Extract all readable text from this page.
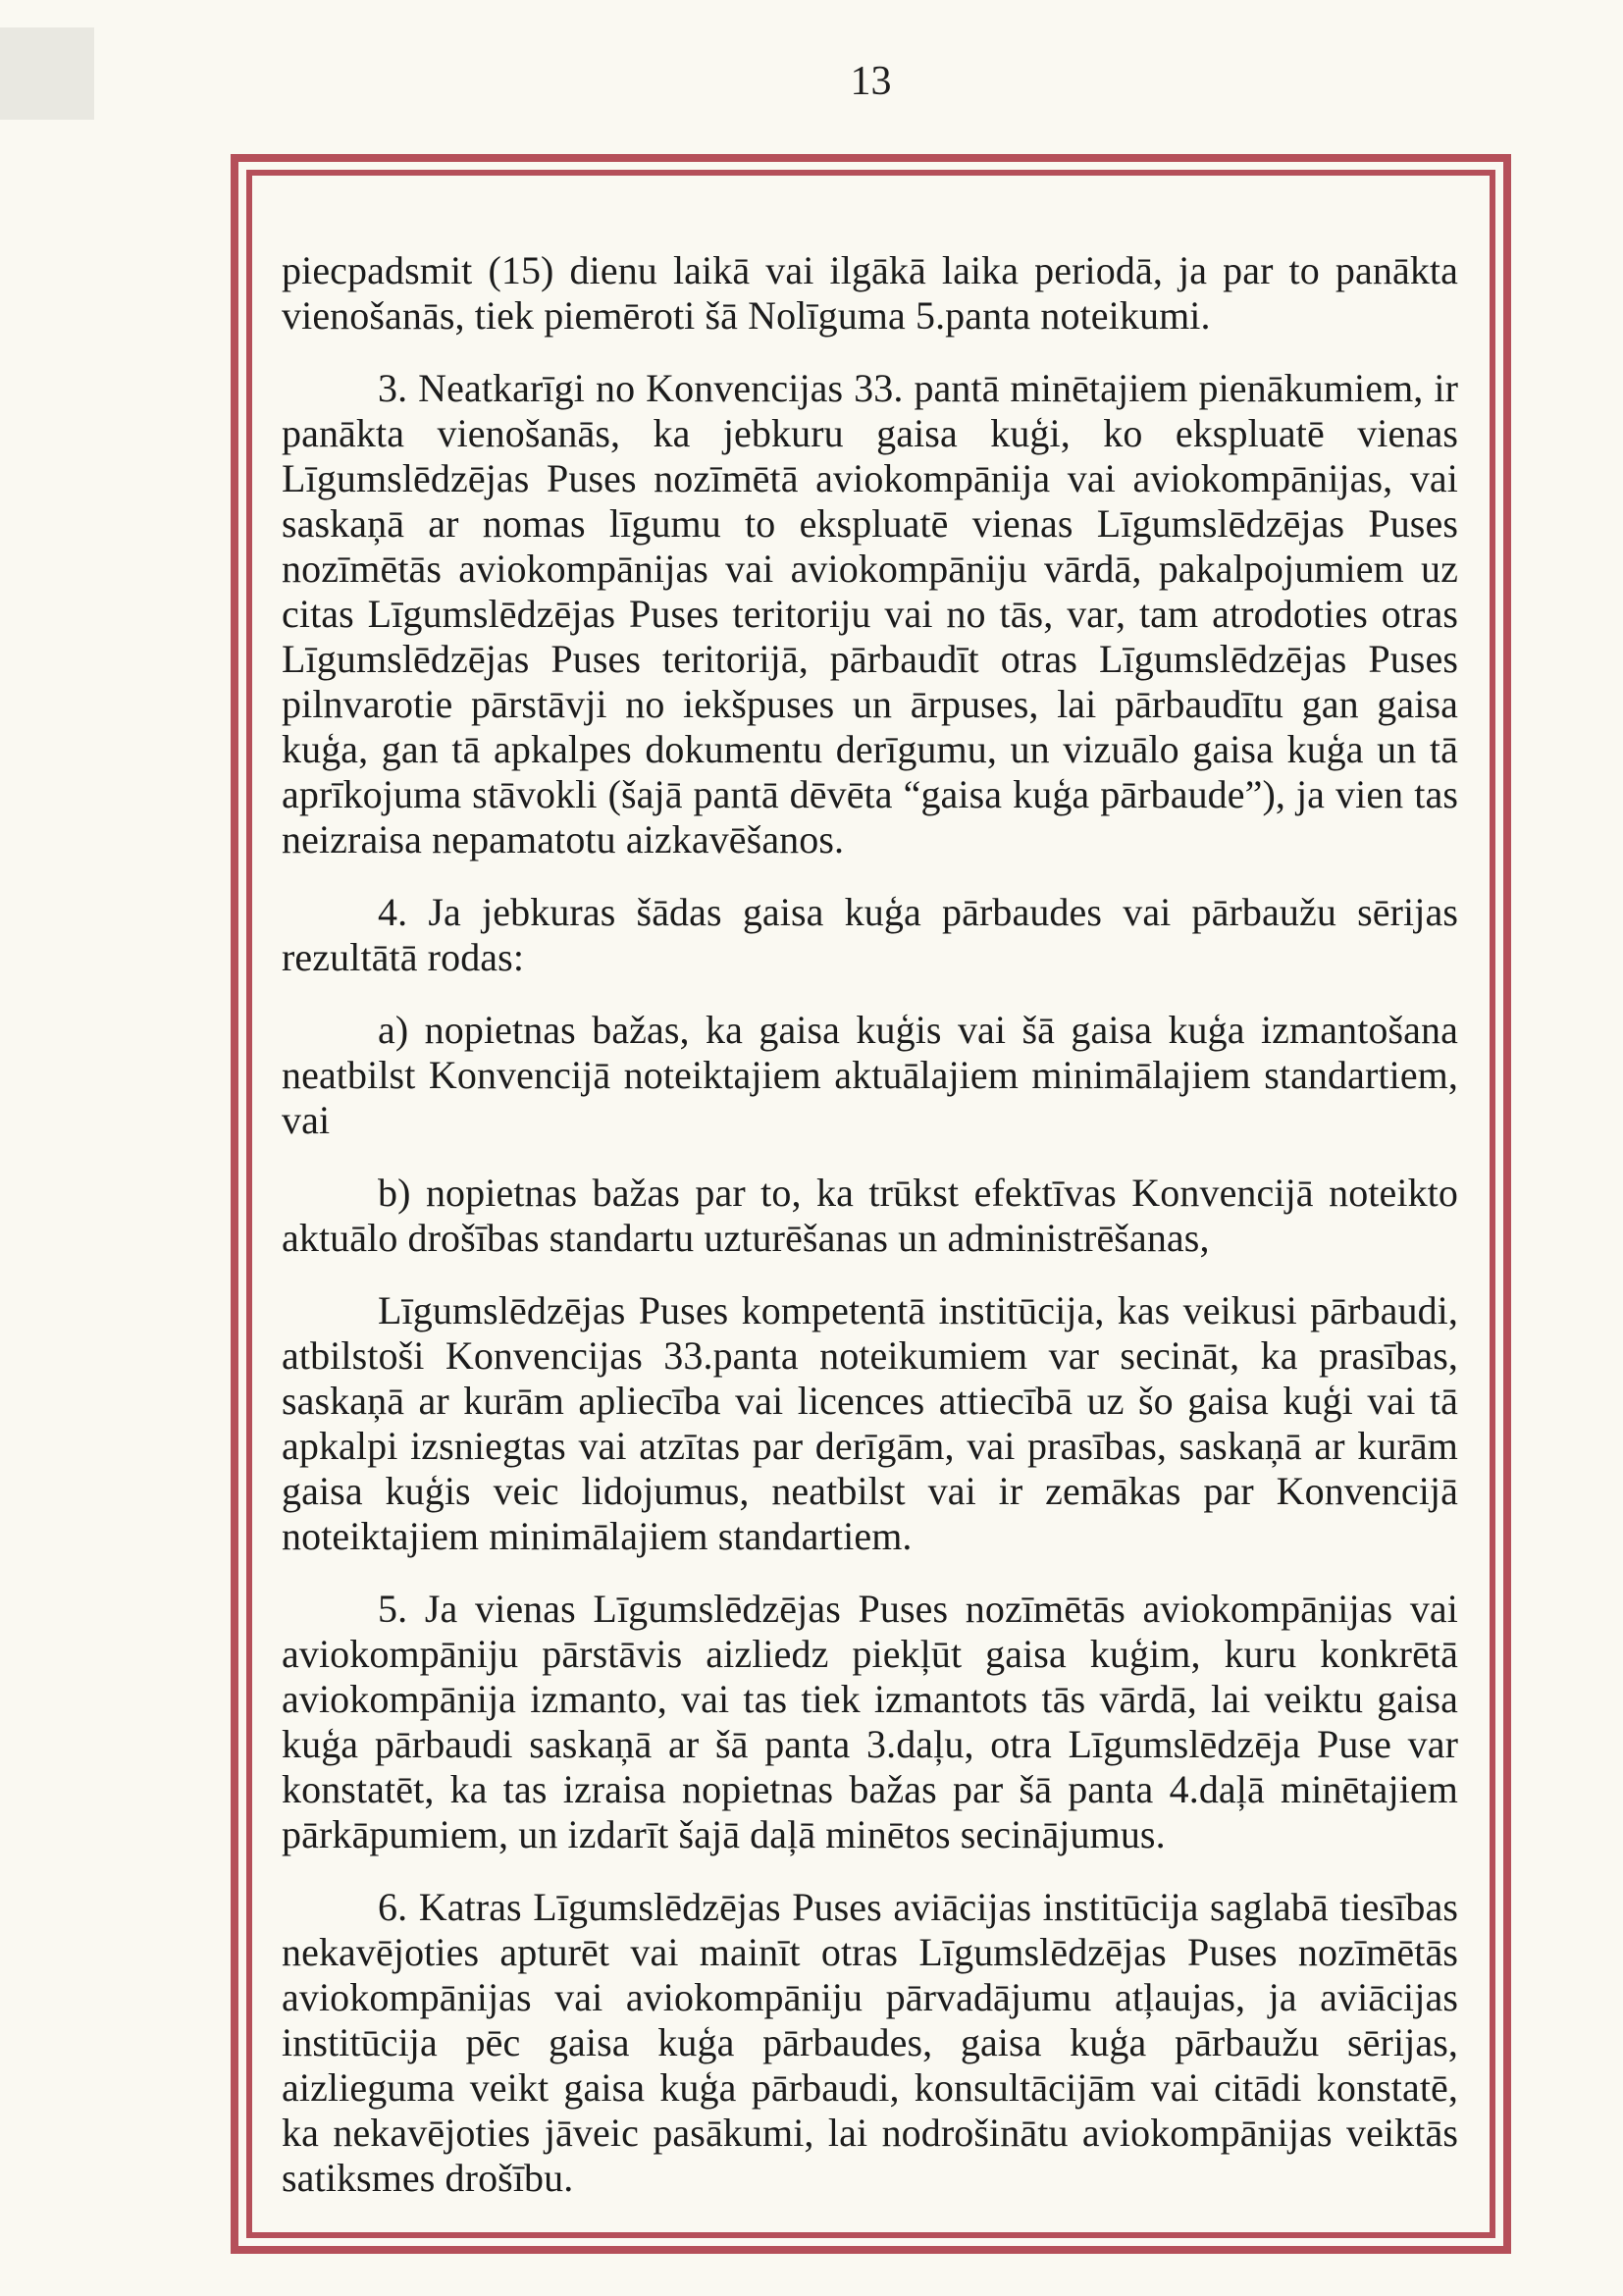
13

piecpadsmit (15) dienu laikā vai ilgākā laika periodā, ja par to panākta vienošanās, tiek piemēroti šā Nolīguma 5.panta noteikumi.

3. Neatkarīgi no Konvencijas 33. pantā minētajiem pienākumiem, ir panākta vienošanās, ka jebkuru gaisa kuģi, ko ekspluatē vienas Līgumslēdzējas Puses nozīmētā aviokompānija vai aviokompānijas, vai saskaņā ar nomas līgumu to ekspluatē vienas Līgumslēdzējas Puses nozīmētās aviokompānijas vai aviokompāniju vārdā, pakalpojumiem uz citas Līgumslēdzējas Puses teritoriju vai no tās, var, tam atrodoties otras Līgumslēdzējas Puses teritorijā, pārbaudīt otras Līgumslēdzējas Puses pilnvarotie pārstāvji no iekšpuses un ārpuses, lai pārbaudītu gan gaisa kuģa, gan tā apkalpes dokumentu derīgumu, un vizuālo gaisa kuģa un tā aprīkojuma stāvokli (šajā pantā dēvēta “gaisa kuģa pārbaude”), ja vien tas neizraisa nepamatotu aizkavēšanos.

4. Ja jebkuras šādas gaisa kuģa pārbaudes vai pārbaužu sērijas rezultātā rodas:

a) nopietnas bažas, ka gaisa kuģis vai šā gaisa kuģa izmantošana neatbilst Konvencijā noteiktajiem aktuālajiem minimālajiem standartiem, vai

b) nopietnas bažas par to, ka trūkst efektīvas Konvencijā noteikto aktuālo drošības standartu uzturēšanas un administrēšanas,

Līgumslēdzējas Puses kompetentā institūcija, kas veikusi pārbaudi, atbilstoši Konvencijas 33.panta noteikumiem var secināt, ka prasības, saskaņā ar kurām apliecība vai licences attiecībā uz šo gaisa kuģi vai tā apkalpi izsniegtas vai atzītas par derīgām, vai prasības, saskaņā ar kurām gaisa kuģis veic lidojumus, neatbilst vai ir zemākas par Konvencijā noteiktajiem minimālajiem standartiem.

5. Ja vienas Līgumslēdzējas Puses nozīmētās aviokompānijas vai aviokompāniju pārstāvis aizliedz piekļūt gaisa kuģim, kuru konkrētā aviokompānija izmanto, vai tas tiek izmantots tās vārdā, lai veiktu gaisa kuģa pārbaudi saskaņā ar šā panta 3.daļu, otra Līgumslēdzēja Puse var konstatēt, ka tas izraisa nopietnas bažas par šā panta 4.daļā minētajiem pārkāpumiem, un izdarīt šajā daļā minētos secinājumus.

6. Katras Līgumslēdzējas Puses aviācijas institūcija saglabā tiesības nekavējoties apturēt vai mainīt otras Līgumslēdzējas Puses nozīmētās aviokompānijas vai aviokompāniju pārvadājumu atļaujas, ja aviācijas institūcija pēc gaisa kuģa pārbaudes, gaisa kuģa pārbaužu sērijas, aizlieguma veikt gaisa kuģa pārbaudi, konsultācijām vai citādi konstatē, ka nekavējoties jāveic pasākumi, lai nodrošinātu aviokompānijas veiktās satiksmes drošību.
